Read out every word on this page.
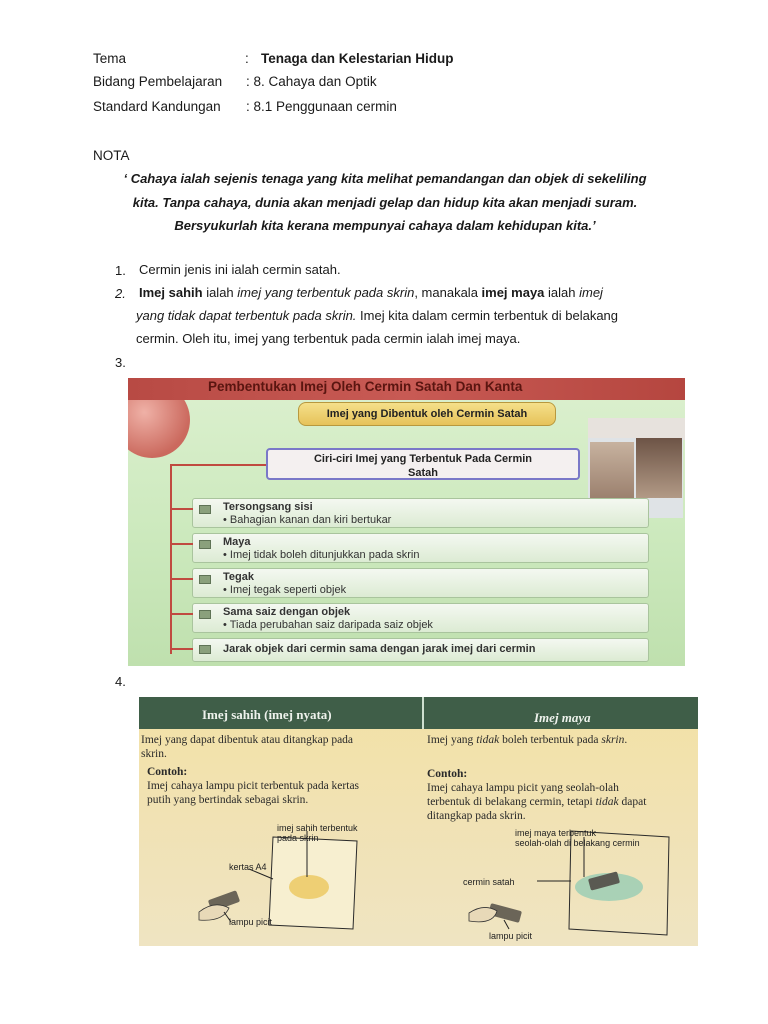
Tema	: Tenaga dan Kelestarian Hidup
Bidang Pembelajaran : 8. Cahaya dan Optik
Standard Kandungan : 8.1 Penggunaan cermin
NOTA
‘ Cahaya ialah sejenis tenaga yang kita melihat pemandangan dan objek di sekeliling
kita. Tanpa cahaya, dunia akan menjadi gelap dan hidup kita akan menjadi suram.
Bersyukurlah kita kerana mempunyai cahaya dalam kehidupan kita.’
1. Cermin jenis ini ialah cermin satah.
2. Imej sahih ialah imej yang terbentuk pada skrin, manakala imej maya ialah imej
yang tidak dapat terbentuk pada skrin. Imej kita dalam cermin terbentuk di belakang
cermin. Oleh itu, imej yang terbentuk pada cermin ialah imej maya.
3.
4.
Pembentukan Imej Oleh Cermin Satah Dan Kanta
Imej yang Dibentuk oleh Cermin Satah
Ciri-ciri Imej yang Terbentuk Pada Cermin
Satah
Tersongsang sisi
• Bahagian kanan dan kiri bertukar
Maya
• Imej tidak boleh ditunjukkan pada skrin
Tegak
• Imej tegak seperti objek
Sama saiz dengan objek
• Tiada perubahan saiz daripada saiz objek
Jarak objek dari cermin sama dengan jarak imej dari cermin
Imej sahih (imej nyata)	Imej maya
Imej yang dapat dibentuk atau ditangkap pada
skrin.
Imej yang tidak boleh terbentuk pada skrin.
Contoh:
Imej cahaya lampu picit terbentuk pada kertas
putih yang bertindak sebagai skrin.
Contoh:
Imej cahaya lampu picit yang seolah-olah
terbentuk di belakang cermin, tetapi tidak dapat
ditangkap pada skrin.
imej sahih terbentuk
pada skrin
kertas A4
lampu picit
imej maya terbentuk
seolah-olah di belakang cermin
cermin satah
lampu picit
